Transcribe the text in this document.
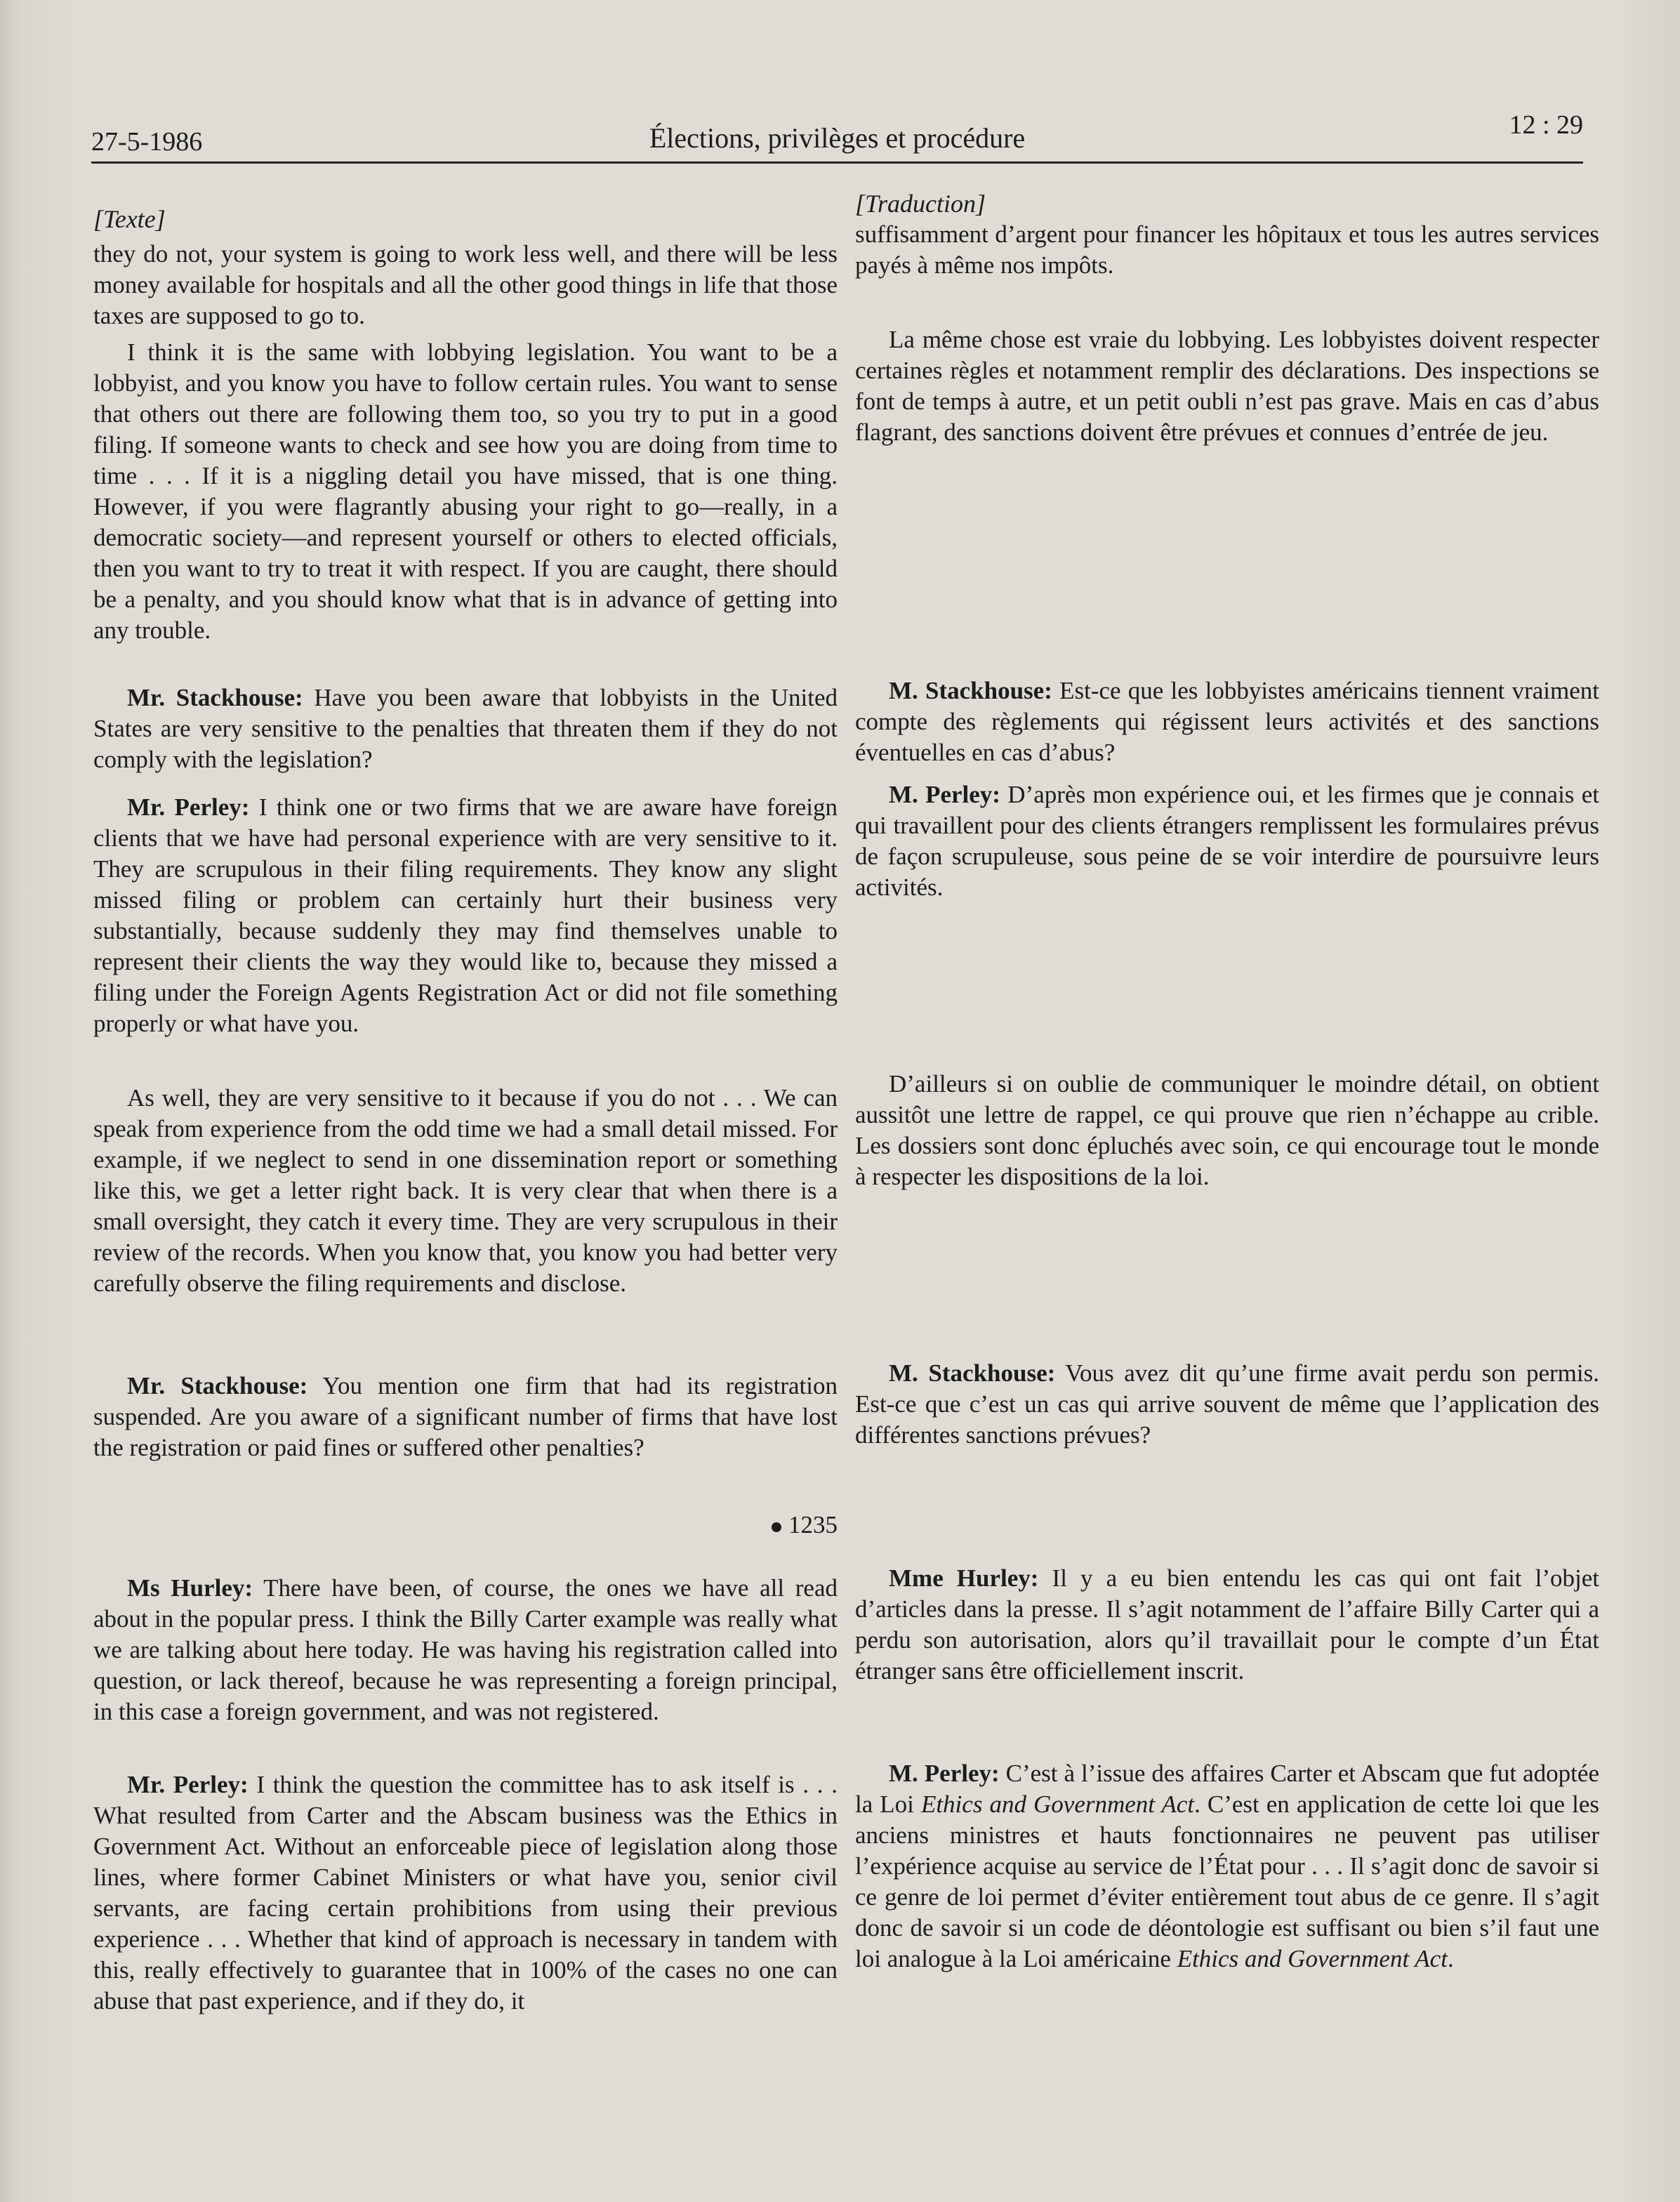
27-5-1986	Élections, privilèges et procédure	12 : 29
[Texte]

they do not, your system is going to work less well, and there will be less money available for hospitals and all the other good things in life that those taxes are supposed to go to.

I think it is the same with lobbying legislation. You want to be a lobbyist, and you know you have to follow certain rules. You want to sense that others out there are following them too, so you try to put in a good filing. If someone wants to check and see how you are doing from time to time . . . If it is a niggling detail you have missed, that is one thing. However, if you were flagrantly abusing your right to go—really, in a democratic society—and represent yourself or others to elected officials, then you want to try to treat it with respect. If you are caught, there should be a penalty, and you should know what that is in advance of getting into any trouble.

Mr. Stackhouse: Have you been aware that lobbyists in the United States are very sensitive to the penalties that threaten them if they do not comply with the legislation?

Mr. Perley: I think one or two firms that we are aware have foreign clients that we have had personal experience with are very sensitive to it. They are scrupulous in their filing requirements. They know any slight missed filing or problem can certainly hurt their business very substantially, because suddenly they may find themselves unable to represent their clients the way they would like to, because they missed a filing under the Foreign Agents Registration Act or did not file something properly or what have you.

As well, they are very sensitive to it because if you do not . . . We can speak from experience from the odd time we had a small detail missed. For example, if we neglect to send in one dissemination report or something like this, we get a letter right back. It is very clear that when there is a small oversight, they catch it every time. They are very scrupulous in their review of the records. When you know that, you know you had better very carefully observe the filing requirements and disclose.

Mr. Stackhouse: You mention one firm that had its registration suspended. Are you aware of a significant number of firms that have lost the registration or paid fines or suffered other penalties?

1235

Ms Hurley: There have been, of course, the ones we have all read about in the popular press. I think the Billy Carter example was really what we are talking about here today. He was having his registration called into question, or lack thereof, because he was representing a foreign principal, in this case a foreign government, and was not registered.

Mr. Perley: I think the question the committee has to ask itself is . . . What resulted from Carter and the Abscam business was the Ethics in Government Act. Without an enforceable piece of legislation along those lines, where former Cabinet Ministers or what have you, senior civil servants, are facing certain prohibitions from using their previous experience . . . Whether that kind of approach is necessary in tandem with this, really effectively to guarantee that in 100% of the cases no one can abuse that past experience, and if they do, it

[Traduction]

suffisamment d’argent pour financer les hôpitaux et tous les autres services payés à même nos impôts.

La même chose est vraie du lobbying. Les lobbyistes doivent respecter certaines règles et notamment remplir des déclarations. Des inspections se font de temps à autre, et un petit oubli n’est pas grave. Mais en cas d’abus flagrant, des sanctions doivent être prévues et connues d’entrée de jeu.

M. Stackhouse: Est-ce que les lobbyistes américains tiennent vraiment compte des règlements qui régissent leurs activités et des sanctions éventuelles en cas d’abus?

M. Perley: D’après mon expérience oui, et les firmes que je connais et qui travaillent pour des clients étrangers remplissent les formulaires prévus de façon scrupuleuse, sous peine de se voir interdire de poursuivre leurs activités.

D’ailleurs si on oublie de communiquer le moindre détail, on obtient aussitôt une lettre de rappel, ce qui prouve que rien n’échappe au crible. Les dossiers sont donc épluchés avec soin, ce qui encourage tout le monde à respecter les dispositions de la loi.

M. Stackhouse: Vous avez dit qu’une firme avait perdu son permis. Est-ce que c’est un cas qui arrive souvent de même que l’application des différentes sanctions prévues?

Mme Hurley: Il y a eu bien entendu les cas qui ont fait l’objet d’articles dans la presse. Il s’agit notamment de l’affaire Billy Carter qui a perdu son autorisation, alors qu’il travaillait pour le compte d’un État étranger sans être officiellement inscrit.

M. Perley: C’est à l’issue des affaires Carter et Abscam que fut adoptée la Loi Ethics and Government Act. C’est en application de cette loi que les anciens ministres et hauts fonctionnaires ne peuvent pas utiliser l’expérience acquise au service de l’État pour . . . Il s’agit donc de savoir si ce genre de loi permet d’éviter entièrement tout abus de ce genre. Il s’agit donc de savoir si un code de déontologie est suffisant ou bien s’il faut une loi analogue à la Loi américaine Ethics and Government Act.
